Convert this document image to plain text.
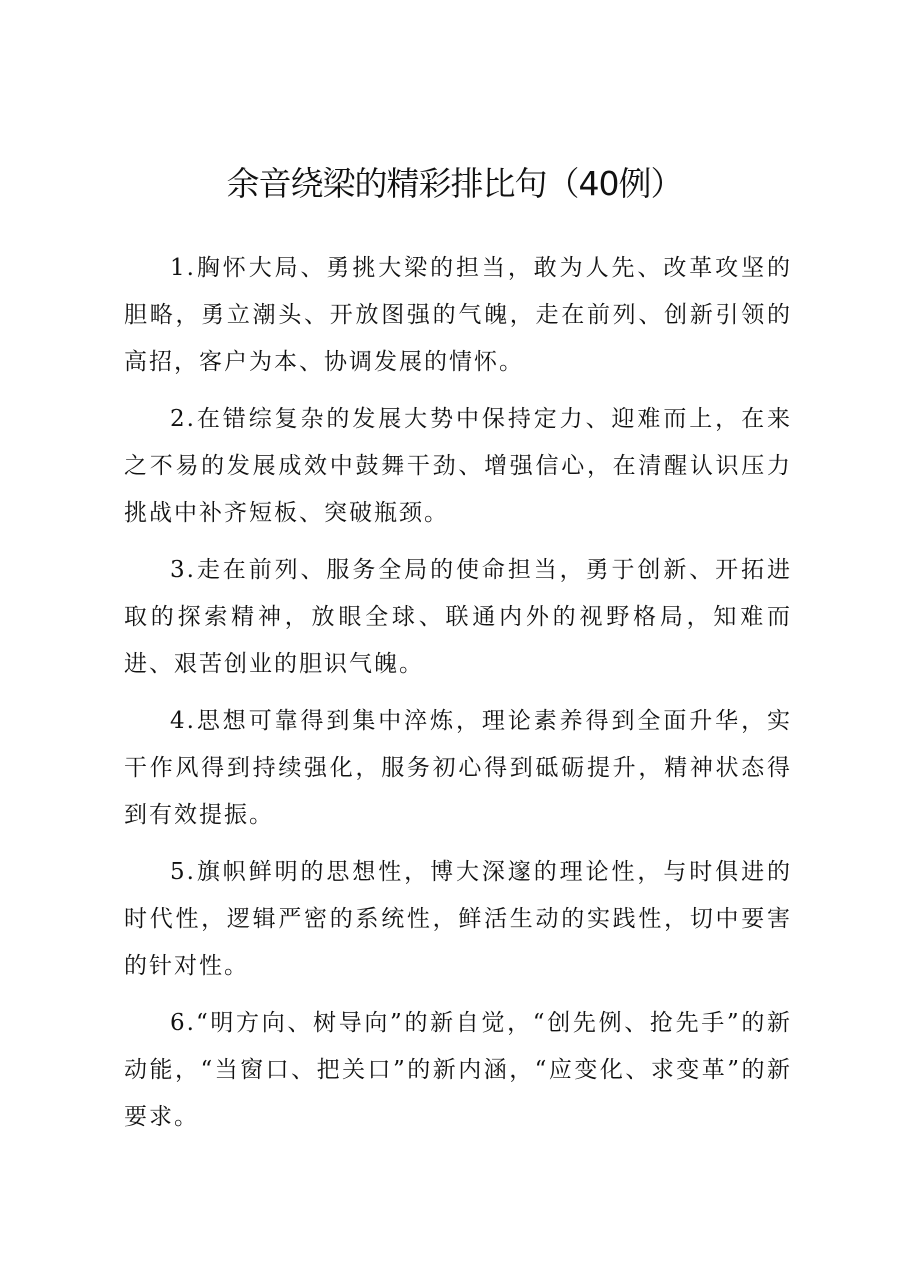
余音绕梁的精彩排比句（40例）

1.胸怀大局、勇挑大梁的担当，敢为人先、改革攻坚的胆略，勇立潮头、开放图强的气魄，走在前列、创新引领的高招，客户为本、协调发展的情怀。

2.在错综复杂的发展大势中保持定力、迎难而上，在来之不易的发展成效中鼓舞干劲、增强信心，在清醒认识压力挑战中补齐短板、突破瓶颈。

3.走在前列、服务全局的使命担当，勇于创新、开拓进取的探索精神，放眼全球、联通内外的视野格局，知难而进、艰苦创业的胆识气魄。

4.思想可靠得到集中淬炼，理论素养得到全面升华，实干作风得到持续强化，服务初心得到砥砺提升，精神状态得到有效提振。

5.旗帜鲜明的思想性，博大深邃的理论性，与时俱进的时代性，逻辑严密的系统性，鲜活生动的实践性，切中要害的针对性。

6.“明方向、树导向”的新自觉，“创先例、抢先手”的新动能，“当窗口、把关口”的新内涵，“应变化、求变革”的新要求。
